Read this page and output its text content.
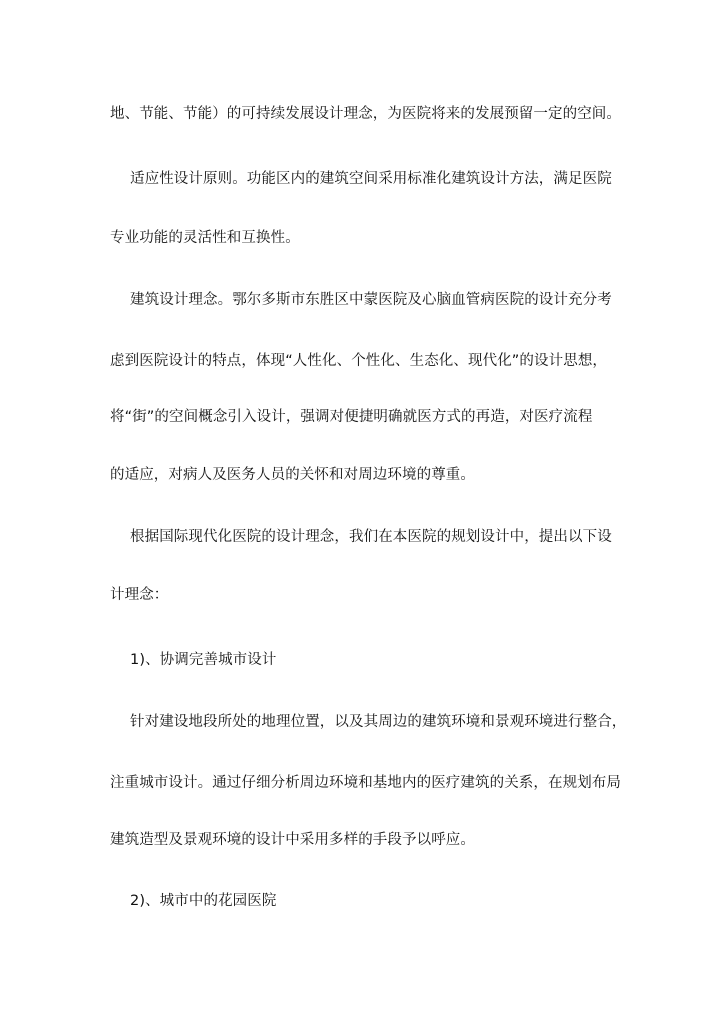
地、节能、节能）的可持续发展设计理念，为医院将来的发展预留一定的空间。
适应性设计原则。功能区内的建筑空间采用标准化建筑设计方法，满足医院
专业功能的灵活性和互换性。
建筑设计理念。鄂尔多斯市东胜区中蒙医院及心脑血管病医院的设计充分考
虑到医院设计的特点，体现“人性化、个性化、生态化、现代化”的设计思想，
将“街”的空间概念引入设计，强调对便捷明确就医方式的再造，对医疗流程
的适应，对病人及医务人员的关怀和对周边环境的尊重。
根据国际现代化医院的设计理念，我们在本医院的规划设计中，提出以下设
计理念：
1)、协调完善城市设计
针对建设地段所处的地理位置，以及其周边的建筑环境和景观环境进行整合，
注重城市设计。通过仔细分析周边环境和基地内的医疗建筑的关系，在规划布局
建筑造型及景观环境的设计中采用多样的手段予以呼应。
2)、城市中的花园医院
